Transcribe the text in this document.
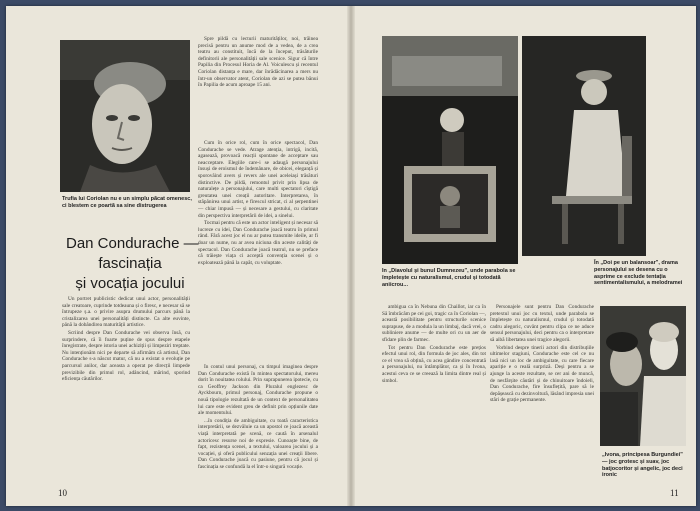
Trufia lui Coriolan nu e un simplu păcat omenesc, ci blestem ce poartă sa sine distrugerea
Dan Condurache —
fascinația
și vocația jocului

Un portret publicistic dedicat unui actor, personalității sale creatoare, cuprinde totdeauna și o firesc, e necesar să se întrupeze ș.a. o privire asupra drumului parcurs până la cristalizarea unei personalități distincte. Ca alte euvinte, până la dobândirea maturității artistice.

Scriind despre Dan Condurache vei observa însă, cu surprindere, că îi foarte puține de spus despre etapele înregistrate, despre istoria unei achiziții și limpeziri treptate. Nu intenționăm nici pe departe să afirmăm că artistul, Dan Condurache s-a născut matur, că nu a existat o evoluție pe parcursul anilor, dar aceasta a operat pe direcții limpede previzibile din primul rol, adâncind, mărind, sporind eficiența căutărilor.

Spre pildă cu lecturii maturităților, noi, trăinea precisă pentru un anume mod de a vedea, de a crea teatru au constituit, încă de la început, trăsăturile definitorii ale personalității sale scenice. Sigur că între Papilia din Procesul Horia de Al. Voiculescu și recentul Coriolan distanța e mare, dar înrădăcinarea a mers nu într-un observator atent, Coriolan de azi se putea bănui în Papilia de acum aproape 15 ani.

Cum în orice rol, cum în orice spectacol, Dan Condurache se vede. Atrage atenția, intrigă, incită, agasează, provoacă reacții spontane de acceptare sau neacceptare. Elegiile care-i se adaugă personajului însuși de eroismul de îndemânare, de obicei, eleganță și sporovăind avers și revers ale unei aceleiași trăsături distinctive. De pildă, remontul privit prin lipsa de naturalețe a personajului, care multi spectatori cîștigă greutatea unei creații autoritare. Interpretarea, în stăpânirea unui artist, e firescul stricat, ci al șerpentinei — chiar impusă — și necesare a gestului, cu claritate din perspectiva interpretării de idei, a sinelui.

Tocmai pentru că este un actor inteligent și necesar să lucreze cu idei, Dan Condurache joacă teatru în primul rând. Fără acest joc el nu ar putea transmite ideile, ar fi doar un nume, nu ar avea niciuna din aceste calități de spectacol. Dan Condurache joacă teatrul, nu se preface că trăiește viața ci acceptă convenția scenei și o exploatează până la capăt, cu voluptate.

În contul unui personaj, cu timpul imaginea despre Dan Condurache există în mintea spectatorului, mereu dorit în nouitatea rolului. Prin suprapunerea ipotecie, cu ca Geoffrey Jackson din Pluralul englezesc de Ayckbourn, primul personaj, Condurache propune o nouă tipologie rezultată de un context de personalitatea lui care este evident greu de definit prin opțiunile date ale momentului.

...în condiția de ambiguitate, cu toată caracteristica interpretării, se dezvăluie ca un apostol ce joacă această viață interpretată pe scenă, ce caută în arsenalul actoricesc resurse noi de expresie. Cunoaște bine, de fapt, rezistența scenei, a textului, valoarea jocului și a vocației, și oferă publicului senzația unei creații libere. Dan Condurache joacă cu pasiune, pentru că jocul și fascinația se confundă la el într-o singură vocație.

10
In „Diavolul și bunul Dumnezeu", unde parabola se împletește cu naturalismul, crudul și totodată aniicrou...
În „Doi pe un balansoar", drama personajului se desena cu o asprime ce exclude tentația sentimentalismului, a melodramei

ambigua ca în Nebuna din Chaillot, iar ca în Să îmbrăcăm pe cei goi, tragic ca în Coriolan —, această posibilitate pentru structurile scenice suprapuse, de a modula la un limbaj, dacă vrei, o subliniere anume — de multe ori cu un aer de sfidare plin de farmec.

Tot pentru Dan Condurache este prețios efectul unui rol, din formula de joc ales, din tot ce el vrea să obțină, cu acea gândire concentrată a personajului, nu întâmplător, ca și în Ivona, acestui ceva ce se creează la limita dintre real și simbol.

Personajele sunt pentru Dan Condurache pretextul unui joc cu textul, unde parabola se împletește cu naturalismul, crudul și totodată cadru alegoric, cuvânt pentru clipa ce ne aduce sensul personajului, deci pentru ca o interpretare să aibă libertatea unei tragice alegorii.

Vorbind despre tinerii actori din distribuțiile ultimelor stagiuni, Condurache este cel ce nu lasă nici un loc de ambiguitate, cu care fiecare apariție e o reală surpriză. Deși pentru a se ajunge la aceste rezultate, se cer ani de muncă, de nesfârșite căutări și de chinuitoare îndoieli, Dan Condurache, fire însuflețită, pare să le depășească cu dezinvoltură, lăsând impresia unei stări de grație permanente.

„Ivona, principesa Burgundiei" — joc grotesc și suav, joc batjocoritor și angelic, joc deci ironic
11
